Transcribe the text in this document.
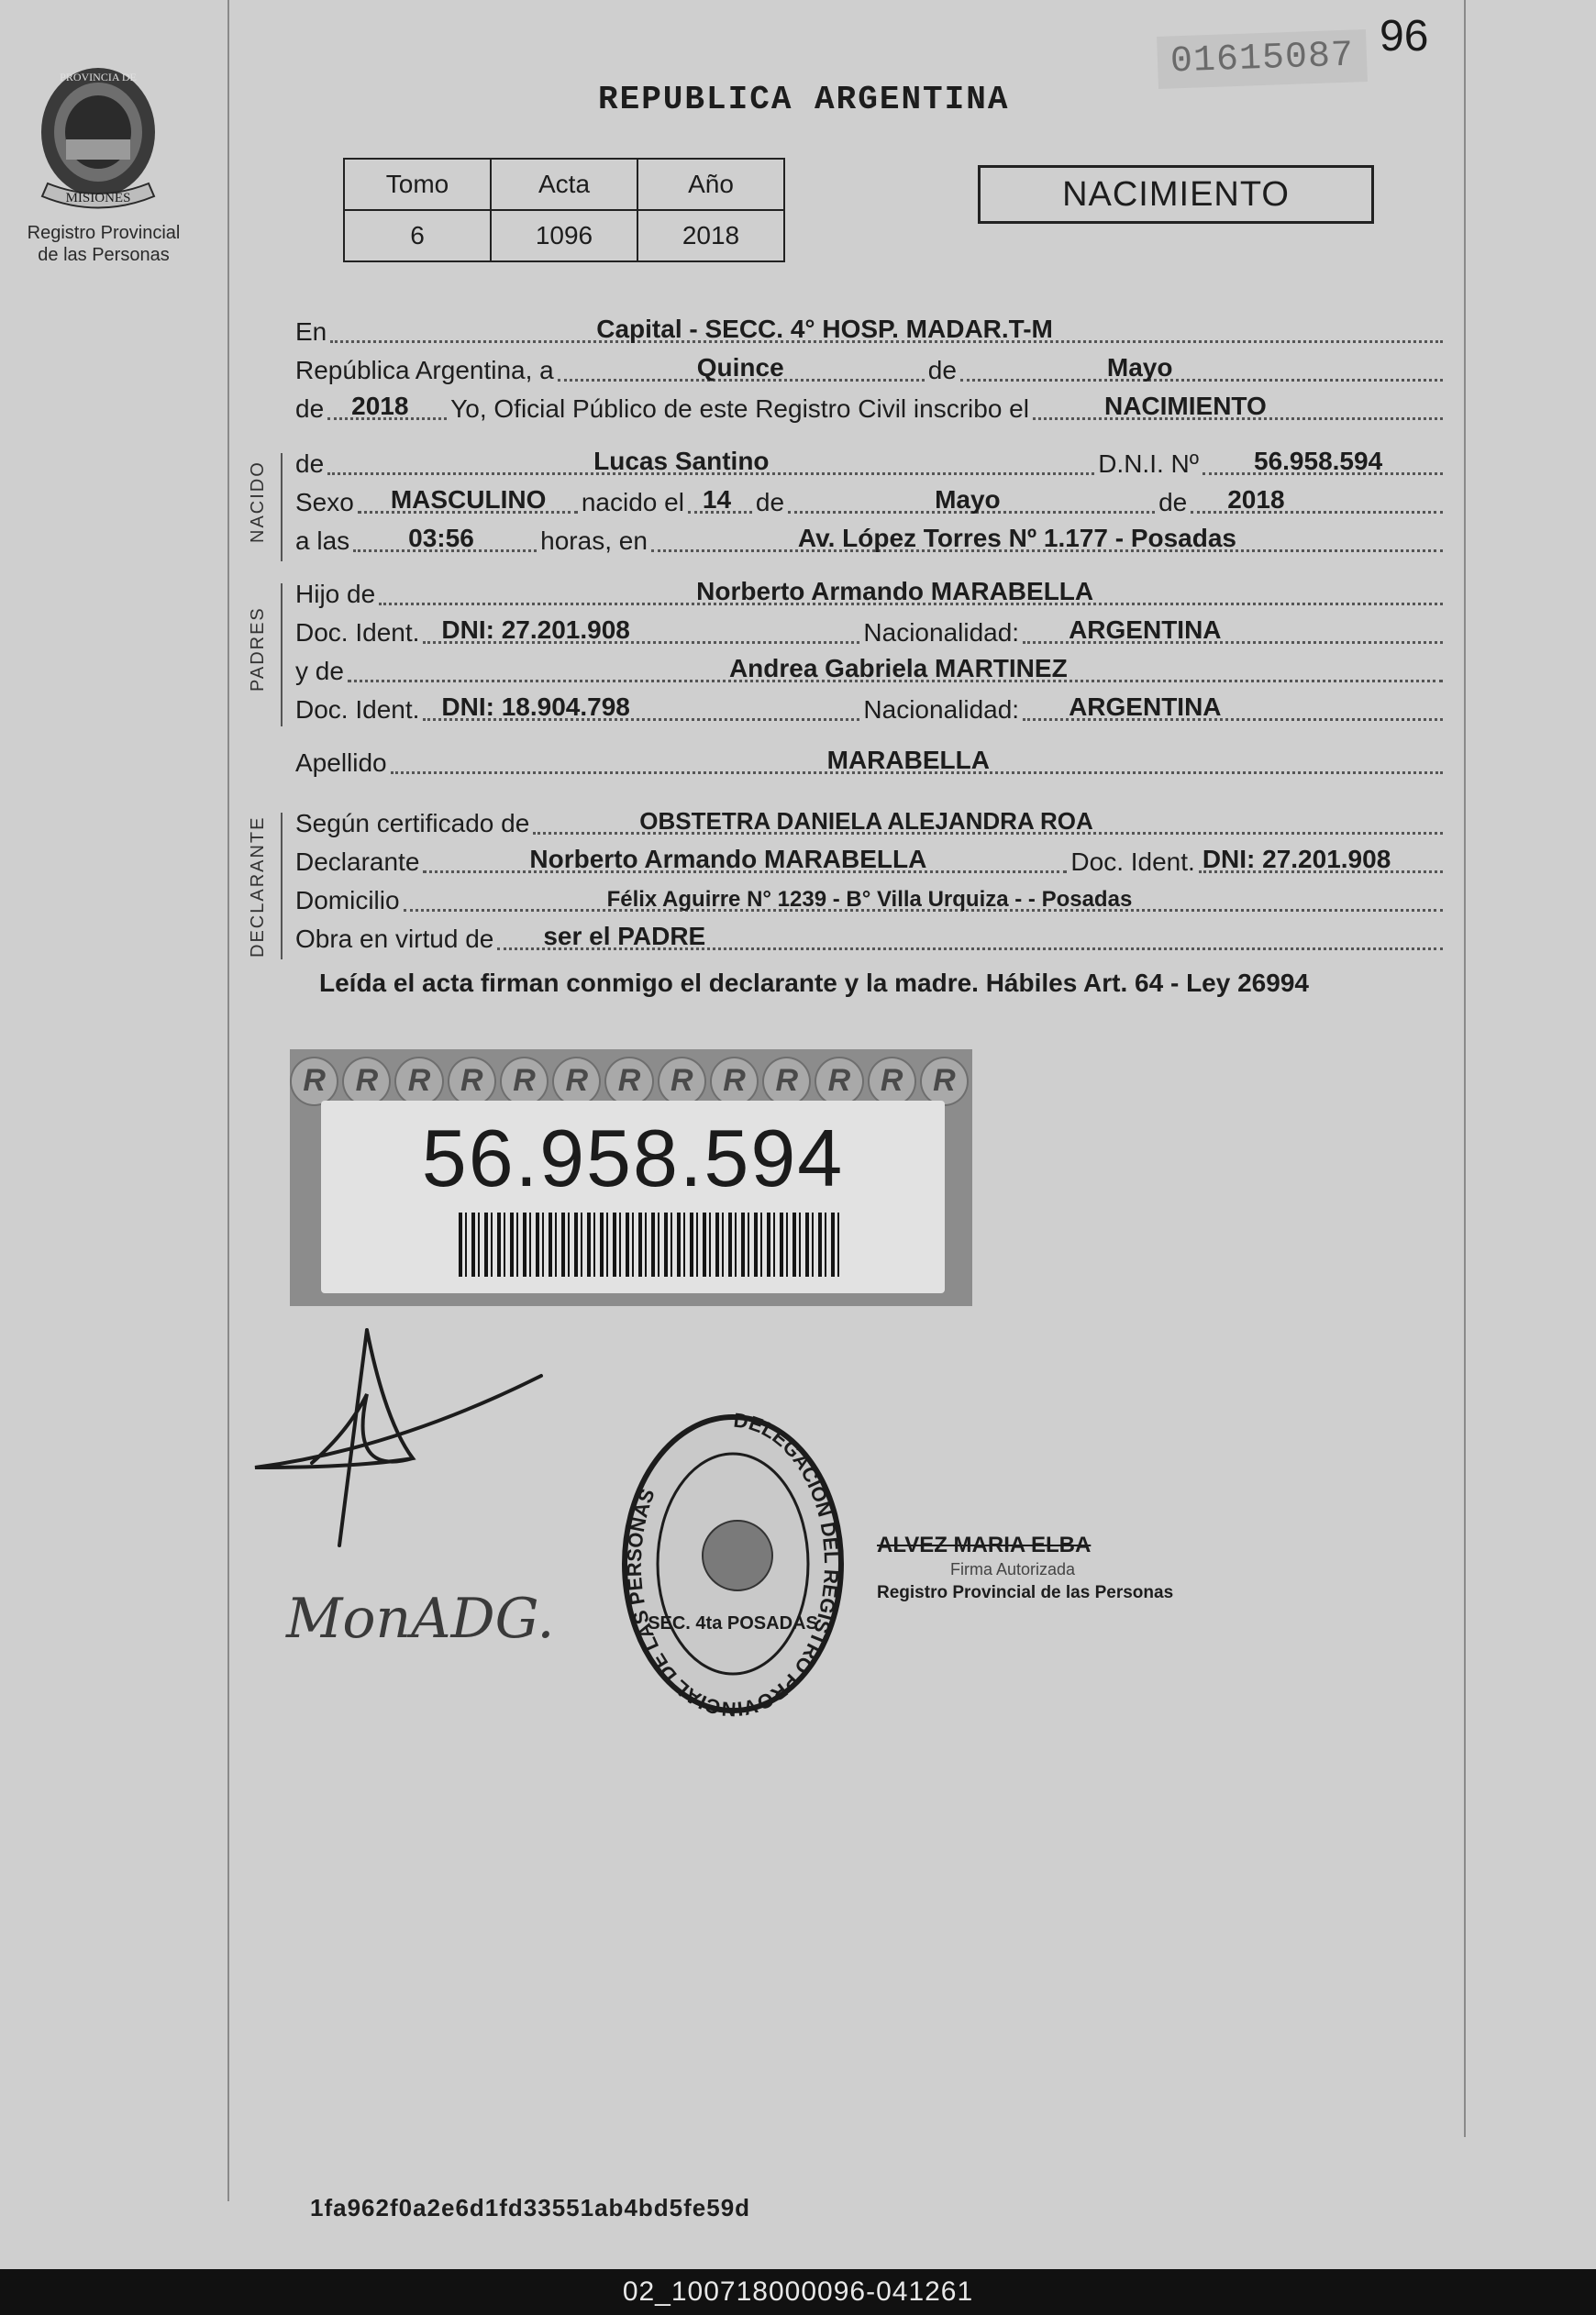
PROVINCIA DE
MISIONES
Registro Provincial
de las Personas
01615087 96
REPUBLICA ARGENTINA
Tomo	Acta	Año
6	1096	2018
NACIMIENTO
En	Capital - SECC. 4° HOSP. MADAR.T-M
República Argentina, a	Quince	de	Mayo
de 2018 Yo, Oficial Público de este Registro Civil inscribo el	NACIMIENTO
NACIDO de	Lucas Santino	D.N.I. Nº 56.958.594
Sexo MASCULINO nacido el 14 de	Mayo	de 2018
a las 03:56	horas, en	Av. López Torres Nº 1.177 - Posadas
PADRES
Hijo de	Norberto Armando MARABELLA
Doc. Ident. DNI: 27.201.908	Nacionalidad: ARGENTINA
y de	Andrea Gabriela MARTINEZ
Doc. Ident. DNI: 18.904.798	Nacionalidad: ARGENTINA
Apellido	MARABELLA
DECLARANTE Según certificado de	OBSTETRA DANIELA ALEJANDRA ROA
Declarante	Norberto Armando MARABELLA	Doc. Ident. DNI: 27.201.908
Domicilio	Félix Aguirre N° 1239 - B° Villa Urquiza - - Posadas
Obra en virtud de ser el PADRE
Leída el acta firman conmigo el declarante y la madre. Hábiles Art. 64 - Ley 26994
R R R R R R R R R R R R R
56.958.594
MonADG.
DELEGACION DEL REGISTRO PROVINCIAL DE LAS PERSONAS
SEC. 4ta POSADAS
ALVEZ MARIA ELBA
Firma Autorizada
Registro Provincial de las Personas
1fa962f0a2e6d1fd33551ab4bd5fe59d
02_100718000096-041261
